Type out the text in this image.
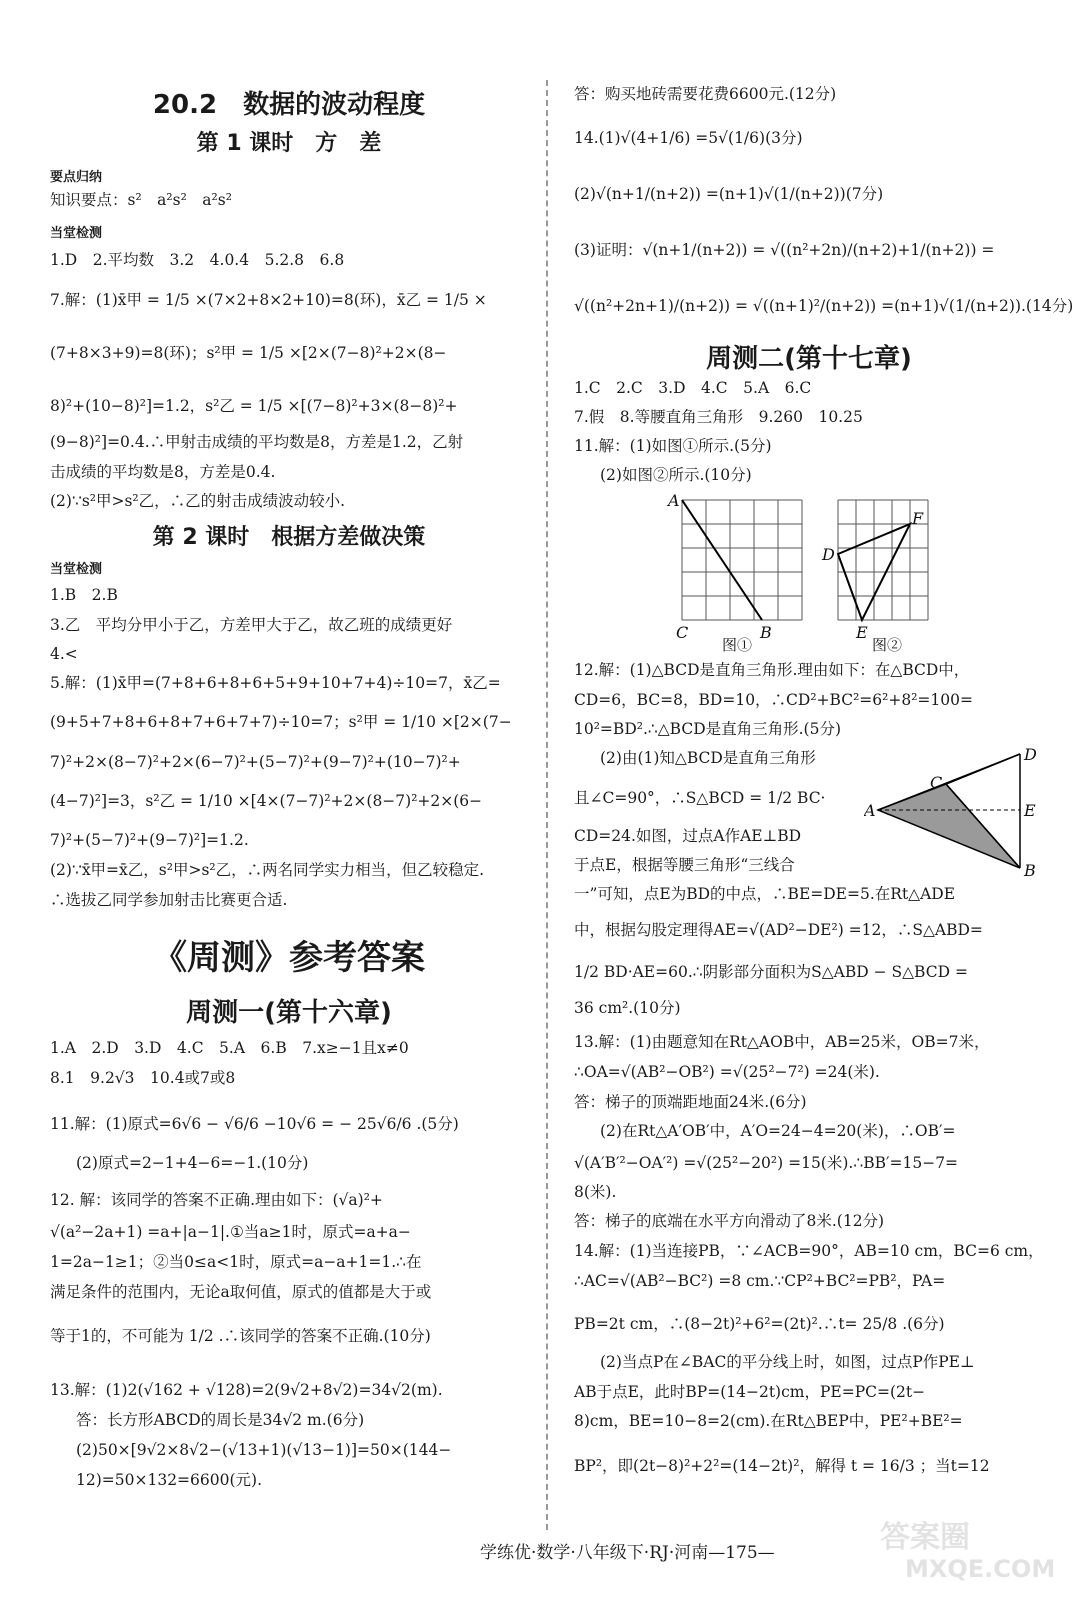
20.2　数据的波动程度
第 1 课时　方　差
要点归纳
知识要点：s²　a²s²　a²s²
当堂检测
1.D　2.平均数　3.2　4.0.4　5.2.8　6.8
7.解：(1)x̄甲 = 1/5 ×(7×2+8×2+10)=8(环)，x̄乙 = 1/5 ×
(7+8×3+9)=8(环)；s²甲 = 1/5 ×[2×(7−8)²+2×(8−
8)²+(10−8)²]=1.2，s²乙 = 1/5 ×[(7−8)²+3×(8−8)²+
(9−8)²]=0.4.∴甲射击成绩的平均数是8，方差是1.2，乙射
击成绩的平均数是8，方差是0.4.
(2)∵s²甲>s²乙，∴乙的射击成绩波动较小.
第 2 课时　根据方差做决策
当堂检测
1.B　2.B
3.乙　平均分甲小于乙，方差甲大于乙，故乙班的成绩更好
4.<
5.解：(1)x̄甲=(7+8+6+8+6+5+9+10+7+4)÷10=7，x̄乙=
(9+5+7+8+6+8+7+6+7+7)÷10=7；s²甲 = 1/10 ×[2×(7−
7)²+2×(8−7)²+2×(6−7)²+(5−7)²+(9−7)²+(10−7)²+
(4−7)²]=3，s²乙 = 1/10 ×[4×(7−7)²+2×(8−7)²+2×(6−
7)²+(5−7)²+(9−7)²]=1.2.
(2)∵x̄甲=x̄乙，s²甲>s²乙，∴两名同学实力相当，但乙较稳定.
∴选拔乙同学参加射击比赛更合适.
《周测》参考答案
周测一(第十六章)
1.A　2.D　3.D　4.C　5.A　6.B　7.x≥−1且x≠0
8.1　9.2√3　10.4或7或8
11.解：(1)原式=6√6 − √6/6 −10√6 = − 25√6/6 .(5分)
(2)原式=2−1+4−6=−1.(10分)
12. 解：该同学的答案不正确.理由如下：(√a)²+
√(a²−2a+1) =a+|a−1|.①当a≥1时，原式=a+a−
1=2a−1≥1；②当0≤a<1时，原式=a−a+1=1.∴在
满足条件的范围内，无论a取何值，原式的值都是大于或
等于1的，不可能为 1/2 .∴该同学的答案不正确.(10分)
13.解：(1)2(√162 + √128)=2(9√2+8√2)=34√2(m).
答：长方形ABCD的周长是34√2 m.(6分)
(2)50×[9√2×8√2−(√13+1)(√13−1)]=50×(144−
12)=50×132=6600(元).
答：购买地砖需要花费6600元.(12分)
14.(1)√(4+1/6) =5√(1/6)(3分)
(2)√(n+1/(n+2)) =(n+1)√(1/(n+2))(7分)
(3)证明：√(n+1/(n+2)) = √((n²+2n)/(n+2)+1/(n+2)) =
√((n²+2n+1)/(n+2)) = √((n+1)²/(n+2)) =(n+1)√(1/(n+2)).(14分)
周测二(第十七章)
1.C　2.C　3.D　4.C　5.A　6.C
7.假　8.等腰直角三角形　9.260　10.25
11.解：(1)如图①所示.(5分)
(2)如图②所示.(10分)
A
C	B
图①
D
F
E
图②
12.解：(1)△BCD是直角三角形.理由如下：在△BCD中，
CD=6，BC=8，BD=10，∴CD²+BC²=6²+8²=100=
10²=BD².∴△BCD是直角三角形.(5分)
(2)由(1)知△BCD是直角三角形
且∠C=90°，∴S△BCD = 1/2 BC·
CD=24.如图，过点A作AE⊥BD
于点E，根据等腰三角形“三线合
一”可知，点E为BD的中点，∴BE=DE=5.在Rt△ADE
中，根据勾股定理得AE=√(AD²−DE²) =12，∴S△ABD=
1/2 BD·AE=60.∴阴影部分面积为S△ABD − S△BCD =
36 cm².(10分)
A
C
D
E
B
13.解：(1)由题意知在Rt△AOB中，AB=25米，OB=7米，
∴OA=√(AB²−OB²) =√(25²−7²) =24(米).
答：梯子的顶端距地面24米.(6分)
(2)在Rt△A′OB′中，A′O=24−4=20(米)，∴OB′=
√(A′B′²−OA′²) =√(25²−20²) =15(米).∴BB′=15−7=
8(米).
答：梯子的底端在水平方向滑动了8米.(12分)
14.解：(1)当连接PB，∵∠ACB=90°，AB=10 cm，BC=6 cm，
∴AC=√(AB²−BC²) =8 cm.∵CP²+BC²=PB²，PA=
PB=2t cm，∴(8−2t)²+6²=(2t)².∴t= 25/8 .(6分)
(2)当点P在∠BAC的平分线上时，如图，过点P作PE⊥
AB于点E，此时BP=(14−2t)cm，PE=PC=(2t−
8)cm，BE=10−8=2(cm).在Rt△BEP中，PE²+BE²=
BP²，即(2t−8)²+2²=(14−2t)²，解得 t = 16/3 ；当t=12
学练优·数学·八年级下·RJ·河南—175—	答案圈
MXQE.COM
